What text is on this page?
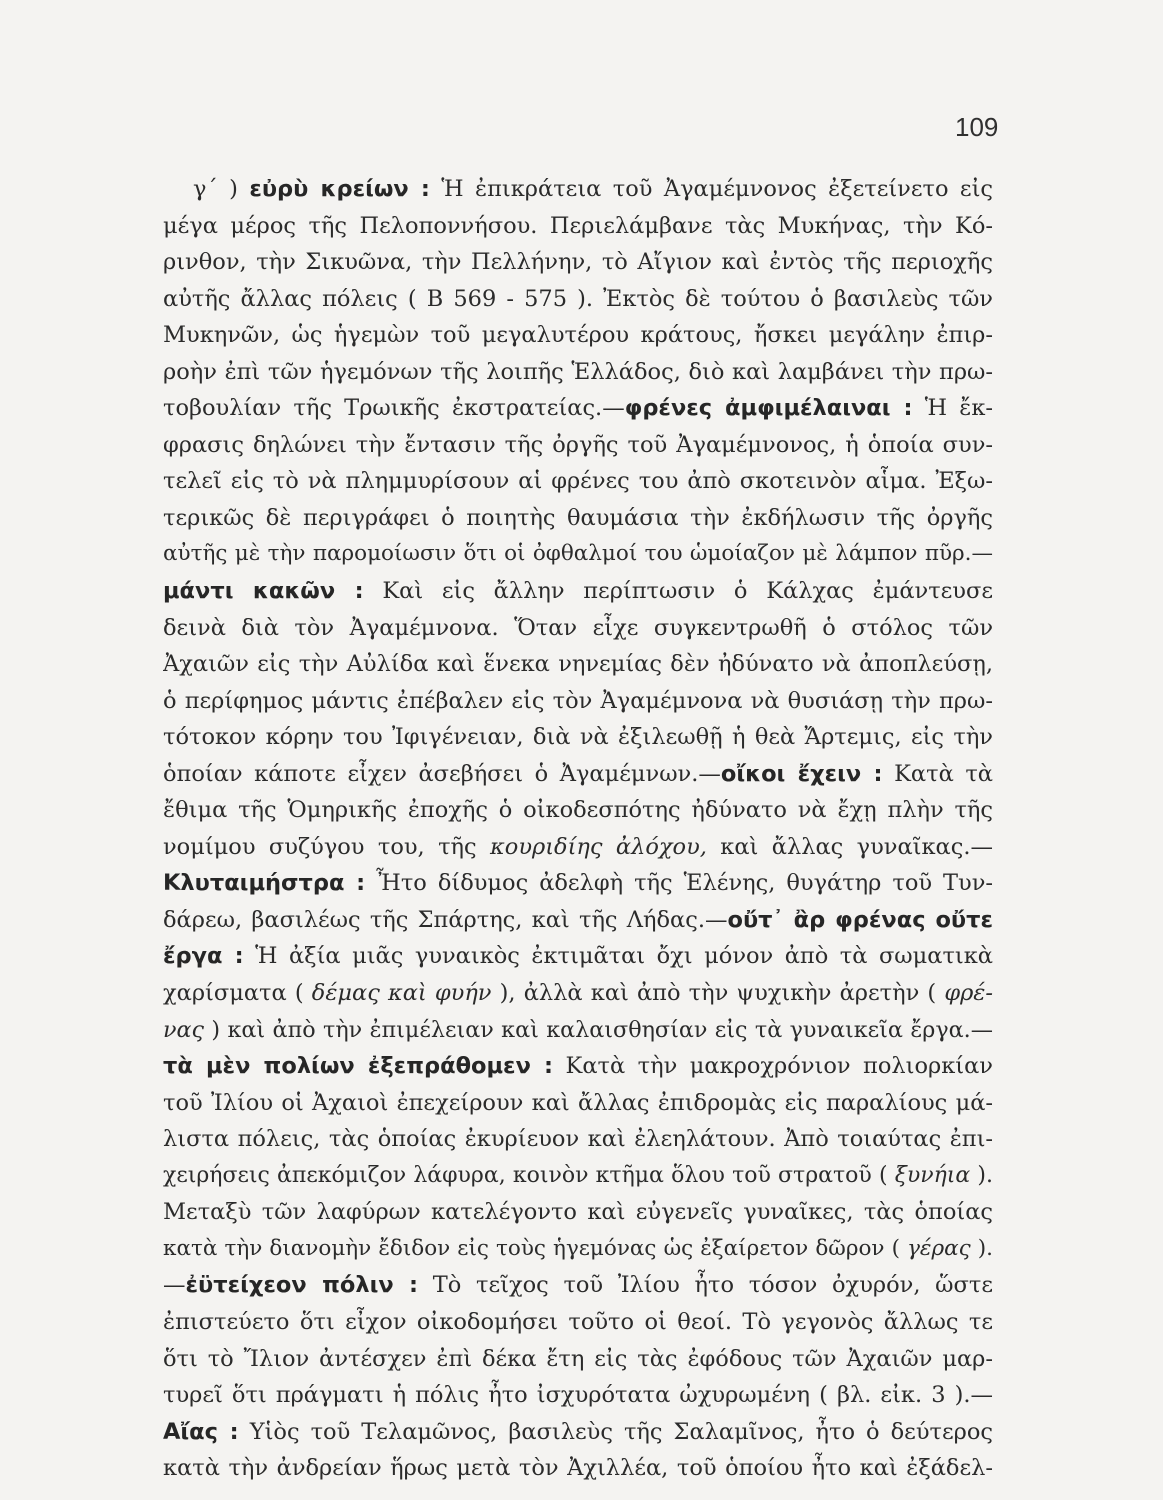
109
γ΄ ) εὐρὺ κρείων : Ἡ ἐπικράτεια τοῦ Ἀγαμέμνονος ἐξετείνετο εἰς
μέγα μέρος τῆς Πελοποννήσου. Περιελάμβανε τὰς Μυκήνας, τὴν Κό-
ρινθον, τὴν Σικυῶνα, τὴν Πελλήνην, τὸ Αἴγιον καὶ ἐντὸς τῆς περιοχῆς
αὐτῆς ἄλλας πόλεις ( Β 569 - 575 ). Ἐκτὸς δὲ τούτου ὁ βασιλεὺς τῶν
Μυκηνῶν, ὡς ἡγεμὼν τοῦ μεγαλυτέρου κράτους, ἤσκει μεγάλην ἐπιρ-
ροὴν ἐπὶ τῶν ἡγεμόνων τῆς λοιπῆς Ἑλλάδος, διὸ καὶ λαμβάνει τὴν πρω-
τοβουλίαν τῆς Τρωικῆς ἐκστρατείας.—φρένες ἀμφιμέλαιναι : Ἡ ἔκ-
φρασις δηλώνει τὴν ἔντασιν τῆς ὀργῆς τοῦ Ἀγαμέμνονος, ἡ ὁποία συν-
τελεῖ εἰς τὸ νὰ πλημμυρίσουν αἱ φρένες του ἀπὸ σκοτεινὸν αἷμα. Ἐξω-
τερικῶς δὲ περιγράφει ὁ ποιητὴς θαυμάσια τὴν ἐκδήλωσιν τῆς ὀργῆς
αὐτῆς μὲ τὴν παρομοίωσιν ὅτι οἱ ὀφθαλμοί του ὡμοίαζον μὲ λάμπον πῦρ.—
μάντι κακῶν : Καὶ εἰς ἄλλην περίπτωσιν ὁ Κάλχας ἐμάντευσε
δεινὰ διὰ τὸν Ἀγαμέμνονα. Ὅταν εἶχε συγκεντρωθῆ ὁ στόλος τῶν
Ἀχαιῶν εἰς τὴν Αὐλίδα καὶ ἕνεκα νηνεμίας δὲν ἠδύνατο νὰ ἀποπλεύσῃ,
ὁ περίφημος μάντις ἐπέβαλεν εἰς τὸν Ἀγαμέμνονα νὰ θυσιάσῃ τὴν πρω-
τότοκον κόρην του Ἰφιγένειαν, διὰ νὰ ἐξιλεωθῇ ἡ θεὰ Ἄρτεμις, εἰς τὴν
ὁποίαν κάποτε εἶχεν ἀσεβήσει ὁ Ἀγαμέμνων.—οἴκοι ἔχειν : Κατὰ τὰ
ἔθιμα τῆς Ὁμηρικῆς ἐποχῆς ὁ οἰκοδεσπότης ἠδύνατο νὰ ἔχῃ πλὴν τῆς
νομίμου συζύγου του, τῆς κουριδίης ἀλόχου, καὶ ἄλλας γυναῖκας.—
Κλυταιμήστρα : Ἦτο δίδυμος ἀδελφὴ τῆς Ἑλένης, θυγάτηρ τοῦ Τυν-
δάρεω, βασιλέως τῆς Σπάρτης, καὶ τῆς Λήδας.—οὔτ᾽ ἂρ φρένας οὔτε
ἔργα : Ἡ ἀξία μιᾶς γυναικὸς ἐκτιμᾶται ὄχι μόνον ἀπὸ τὰ σωματικὰ
χαρίσματα ( δέμας καὶ φυήν ), ἀλλὰ καὶ ἀπὸ τὴν ψυχικὴν ἀρετὴν ( φρέ-
νας ) καὶ ἀπὸ τὴν ἐπιμέλειαν καὶ καλαισθησίαν εἰς τὰ γυναικεῖα ἔργα.—
τὰ μὲν πολίων ἐξεπράθομεν : Κατὰ τὴν μακροχρόνιον πολιορκίαν
τοῦ Ἰλίου οἱ Ἀχαιοὶ ἐπεχείρουν καὶ ἄλλας ἐπιδρομὰς εἰς παραλίους μά-
λιστα πόλεις, τὰς ὁποίας ἐκυρίευον καὶ ἐλεηλάτουν. Ἀπὸ τοιαύτας ἐπι-
χειρήσεις ἀπεκόμιζον λάφυρα, κοινὸν κτῆμα ὅλου τοῦ στρατοῦ ( ξυνήια ).
Μεταξὺ τῶν λαφύρων κατελέγοντο καὶ εὐγενεῖς γυναῖκες, τὰς ὁποίας
κατὰ τὴν διανομὴν ἔδιδον εἰς τοὺς ἡγεμόνας ὡς ἐξαίρετον δῶρον ( γέρας ).
—ἐϋτείχεον πόλιν : Τὸ τεῖχος τοῦ Ἰλίου ἦτο τόσον ὀχυρόν, ὥστε
ἐπιστεύετο ὅτι εἶχον οἰκοδομήσει τοῦτο οἱ θεοί. Τὸ γεγονὸς ἄλλως τε
ὅτι τὸ Ἴλιον ἀντέσχεν ἐπὶ δέκα ἔτη εἰς τὰς ἐφόδους τῶν Ἀχαιῶν μαρ-
τυρεῖ ὅτι πράγματι ἡ πόλις ἦτο ἰσχυρότατα ὠχυρωμένη ( βλ. εἰκ. 3 ).—
Αἴας : Υἱὸς τοῦ Τελαμῶνος, βασιλεὺς τῆς Σαλαμῖνος, ἦτο ὁ δεύτερος
κατὰ τὴν ἀνδρείαν ἥρως μετὰ τὸν Ἀχιλλέα, τοῦ ὁποίου ἦτο καὶ ἐξάδελ-
